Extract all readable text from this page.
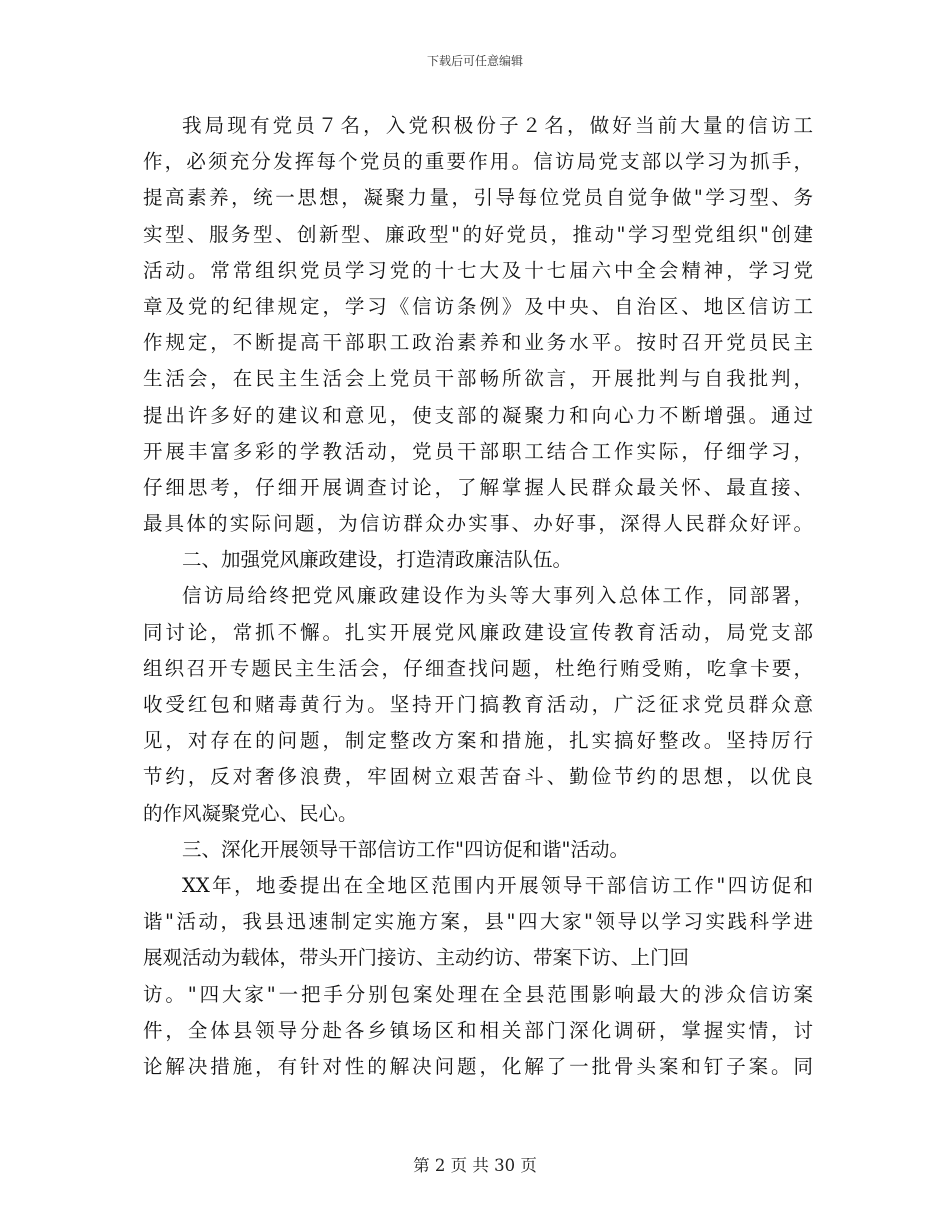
下载后可任意编辑
我局现有党员７名，入党积极份子２名，做好当前大量的信访工
作，必须充分发挥每个党员的重要作用。信访局党支部以学习为抓手，
提高素养，统一思想，凝聚力量，引导每位党员自觉争做"学习型、务
实型、服务型、创新型、廉政型"的好党员，推动"学习型党组织"创建
活动。常常组织党员学习党的十七大及十七届六中全会精神，学习党
章及党的纪律规定，学习《信访条例》及中央、自治区、地区信访工
作规定，不断提高干部职工政治素养和业务水平。按时召开党员民主
生活会，在民主生活会上党员干部畅所欲言，开展批判与自我批判，
提出许多好的建议和意见，使支部的凝聚力和向心力不断增强。通过
开展丰富多彩的学教活动，党员干部职工结合工作实际，仔细学习，
仔细思考，仔细开展调查讨论，了解掌握人民群众最关怀、最直接、
最具体的实际问题，为信访群众办实事、办好事，深得人民群众好评。
二、加强党风廉政建设，打造清政廉洁队伍。
信访局给终把党风廉政建设作为头等大事列入总体工作，同部署，
同讨论，常抓不懈。扎实开展党风廉政建设宣传教育活动，局党支部
组织召开专题民主生活会，仔细查找问题，杜绝行贿受贿，吃拿卡要，
收受红包和赌毒黄行为。坚持开门搞教育活动，广泛征求党员群众意
见，对存在的问题，制定整改方案和措施，扎实搞好整改。坚持厉行
节约，反对奢侈浪费，牢固树立艰苦奋斗、勤俭节约的思想，以优良
的作风凝聚党心、民心。
三、深化开展领导干部信访工作"四访促和谐"活动。
XX年，地委提出在全地区范围内开展领导干部信访工作"四访促和
谐"活动，我县迅速制定实施方案，县"四大家"领导以学习实践科学进
展观活动为载体，带头开门接访、主动约访、带案下访、上门回
访。"四大家"一把手分别包案处理在全县范围影响最大的涉众信访案
件，全体县领导分赴各乡镇场区和相关部门深化调研，掌握实情，讨
论解决措施，有针对性的解决问题，化解了一批骨头案和钉子案。同
第 2 页 共 30 页
